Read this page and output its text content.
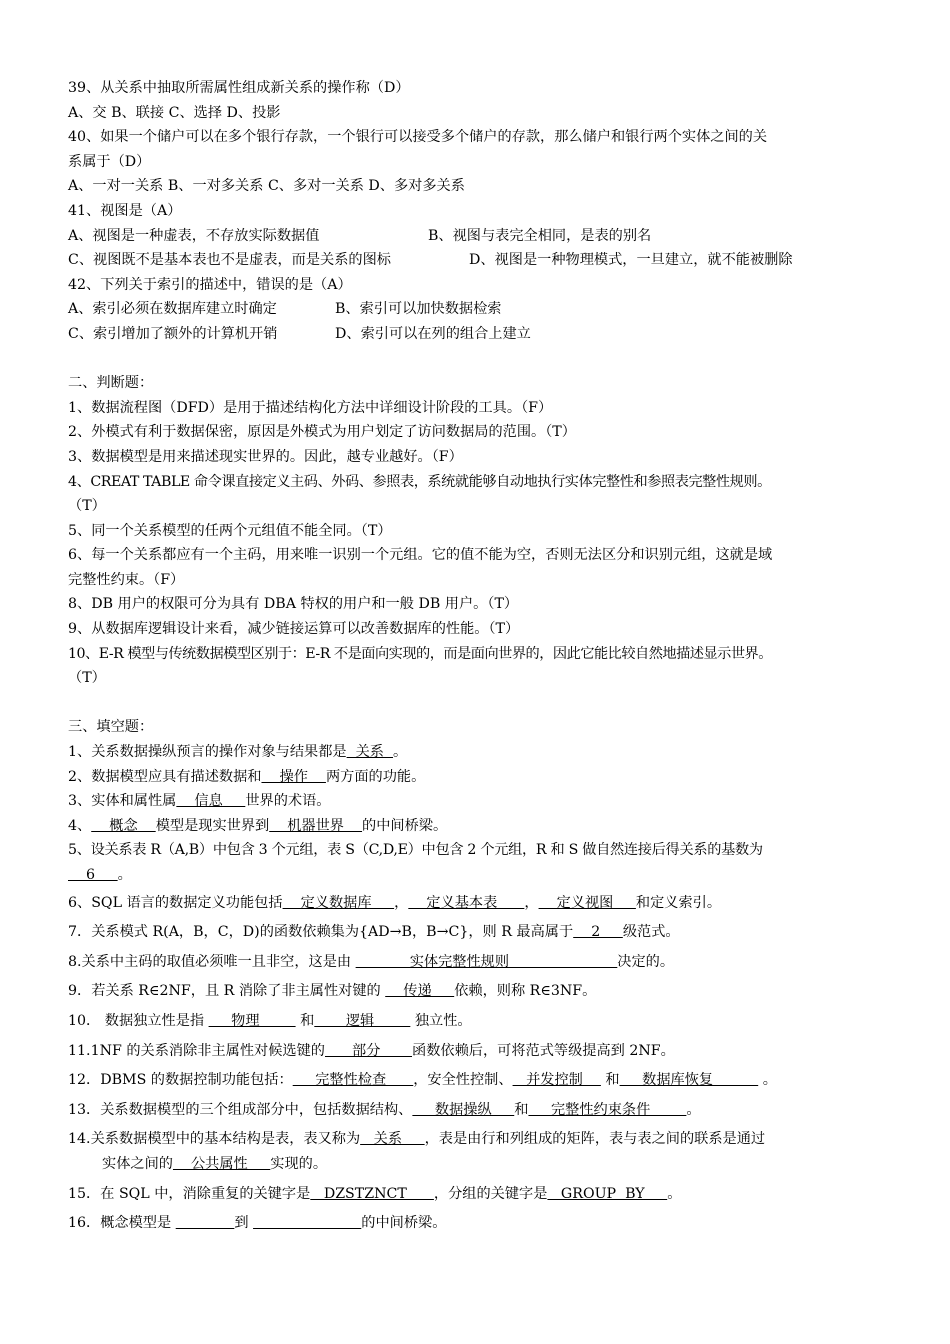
39、从关系中抽取所需属性组成新关系的操作称（D）
A、交 B、联接 C、选择 D、投影
40、如果一个储户可以在多个银行存款，一个银行可以接受多个储户的存款，那么储户和银行两个实体之间的关
系属于（D）
A、一对一关系 B、一对多关系 C、多对一关系 D、多对多关系
41、视图是（A）
A、视图是一种虚表，不存放实际数据值	B、视图与表完全相同，是表的别名
C、视图既不是基本表也不是虚表，而是关系的图标	D、视图是一种物理模式，一旦建立，就不能被删除
42、下列关于索引的描述中，错误的是（A）
A、索引必须在数据库建立时确定	B、索引可以加快数据检索
C、索引增加了额外的计算机开销	D、索引可以在列的组合上建立
二、判断题：
1、数据流程图（DFD）是用于描述结构化方法中详细设计阶段的工具。（F）
2、外模式有利于数据保密，原因是外模式为用户划定了访问数据局的范围。（T）
3、数据模型是用来描述现实世界的。因此，越专业越好。（F）
4、CREAT TABLE 命令课直接定义主码、外码、参照表，系统就能够自动地执行实体完整性和参照表完整性规则。
（T）
5、同一个关系模型的任两个元组值不能全同。（T）
6、每一个关系都应有一个主码，用来唯一识别一个元组。它的值不能为空，否则无法区分和识别元组，这就是域
完整性约束。（F）
8、DB 用户的权限可分为具有 DBA 特权的用户和一般 DB 用户。（T）
9、从数据库逻辑设计来看，减少链接运算可以改善数据库的性能。（T）
10、E-R 模型与传统数据模型区别于：E-R 不是面向实现的，而是面向世界的，因此它能比较自然地描述显示世界。
（T）
三、填空题：
1、关系数据操纵预言的操作对象与结果都是  关系  。
2、数据模型应具有描述数据和    操作    两方面的功能。
3、实体和属性属    信息     世界的术语。
4、    概念    模型是现实世界到    机器世界    的中间桥梁。
5、设关系表 R（A,B）中包含 3 个元组，表 S（C,D,E）中包含 2 个元组，R 和 S 做自然连接后得关系的基数为
6     。
6、SQL 语言的数据定义功能包括    定义数据库     ，    定义基本表      ，    定义视图     和定义索引。
7．关系模式 R(A，B，C，D)的函数依赖集为{AD→B，B→C}，则 R 最高属于    2     级范式。
8.关系中主码的取值必须唯一且非空，这是由             实体完整性规则                        决定的。
9．若关系 R∈2NF，且 R 消除了非主属性对键的     传递     依赖，则称 R∈3NF。
10． 数据独立性是指      物理         和       逻辑         独立性。
11.1NF 的关系消除非主属性对候选键的      部分       函数依赖后，可将范式等级提高到 2NF。
12．DBMS 的数据控制功能包括：     完整性检查      ，安全性控制、   并发控制     和     数据库恢复           。
13．关系数据模型的三个组成部分中，包括数据结构、     数据操纵     和     完整性约束条件        。
14.关系数据模型中的基本结构是表，表又称为   关系     ，表是由行和列组成的矩阵，表与表之间的联系是通过
实体之间的    公共属性     实现的。
15．在 SQL 中，消除重复的关键字是   DZSTZNCT      ，分组的关键字是   GROUP  BY     。
16．概念模型是	到	的中间桥梁。
